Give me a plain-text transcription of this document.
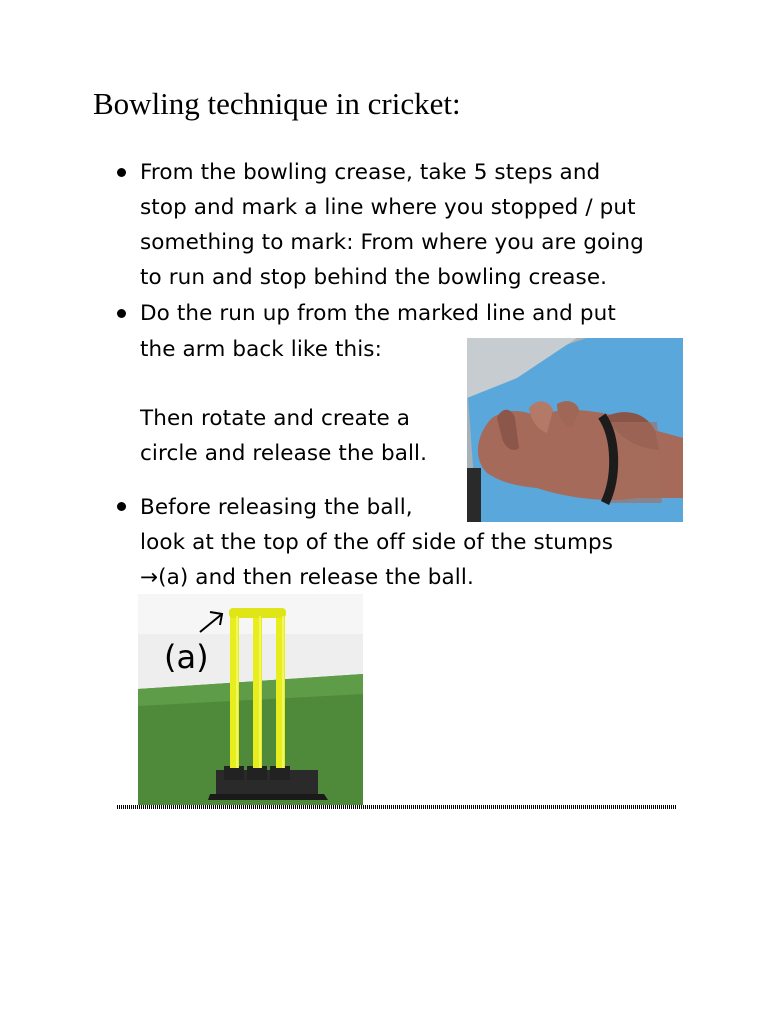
Bowling technique in cricket:
From the bowling crease, take 5 steps and
stop and mark a line where you stopped / put
something to mark: From where you are going
to run and stop behind the bowling crease.
Do the run up from the marked line and put
the arm back like this:
Then rotate and create a
circle and release the ball.
Before releasing the ball,
look at the top of the off side of the stumps
→(a) and then release the ball.
(a)
